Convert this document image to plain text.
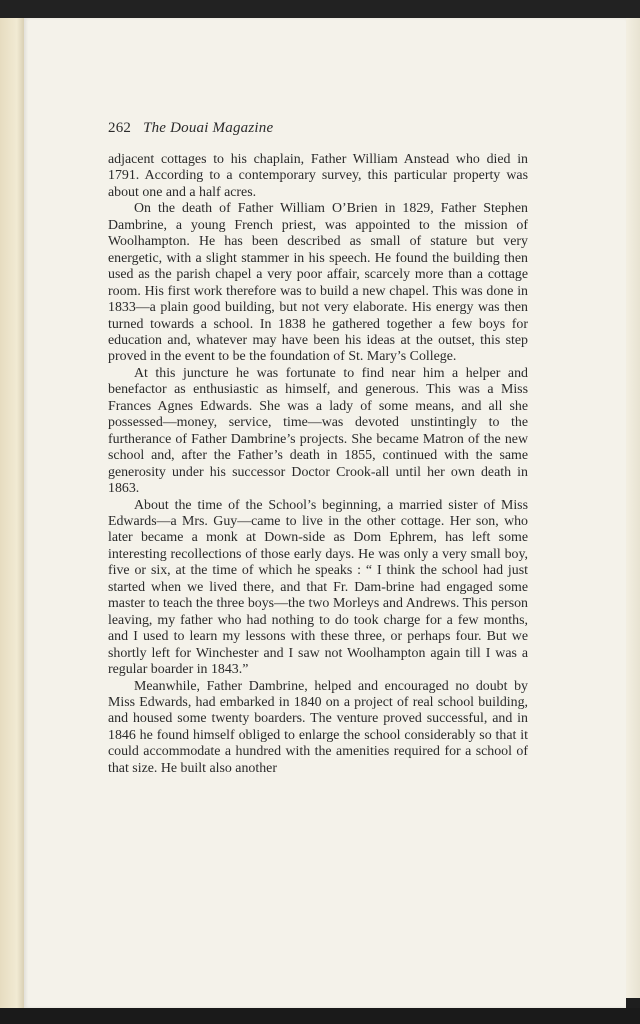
262 The Douai Magazine

adjacent cottages to his chaplain, Father William Anstead who died in 1791. According to a contemporary survey, this particular property was about one and a half acres.

On the death of Father William O’Brien in 1829, Father Stephen Dambrine, a young French priest, was appointed to the mission of Woolhampton. He has been described as small of stature but very energetic, with a slight stammer in his speech. He found the building then used as the parish chapel a very poor affair, scarcely more than a cottage room. His first work therefore was to build a new chapel. This was done in 1833—a plain good building, but not very elaborate. His energy was then turned towards a school. In 1838 he gathered together a few boys for education and, whatever may have been his ideas at the outset, this step proved in the event to be the foundation of St. Mary’s College.

At this juncture he was fortunate to find near him a helper and benefactor as enthusiastic as himself, and generous. This was a Miss Frances Agnes Edwards. She was a lady of some means, and all she possessed—money, service, time—was devoted unstintingly to the furtherance of Father Dambrine’s projects. She became Matron of the new school and, after the Father’s death in 1855, continued with the same generosity under his successor Doctor Crook-all until her own death in 1863.

About the time of the School’s beginning, a married sister of Miss Edwards—a Mrs. Guy—came to live in the other cottage. Her son, who later became a monk at Down-side as Dom Ephrem, has left some interesting recollections of those early days. He was only a very small boy, five or six, at the time of which he speaks : “ I think the school had just started when we lived there, and that Fr. Dam-brine had engaged some master to teach the three boys—the two Morleys and Andrews. This person leaving, my father who had nothing to do took charge for a few months, and I used to learn my lessons with these three, or perhaps four. But we shortly left for Winchester and I saw not Woolhampton again till I was a regular boarder in 1843.”

Meanwhile, Father Dambrine, helped and encouraged no doubt by Miss Edwards, had embarked in 1840 on a project of real school building, and housed some twenty boarders. The venture proved successful, and in 1846 he found himself obliged to enlarge the school considerably so that it could accommodate a hundred with the amenities required for a school of that size. He built also another
